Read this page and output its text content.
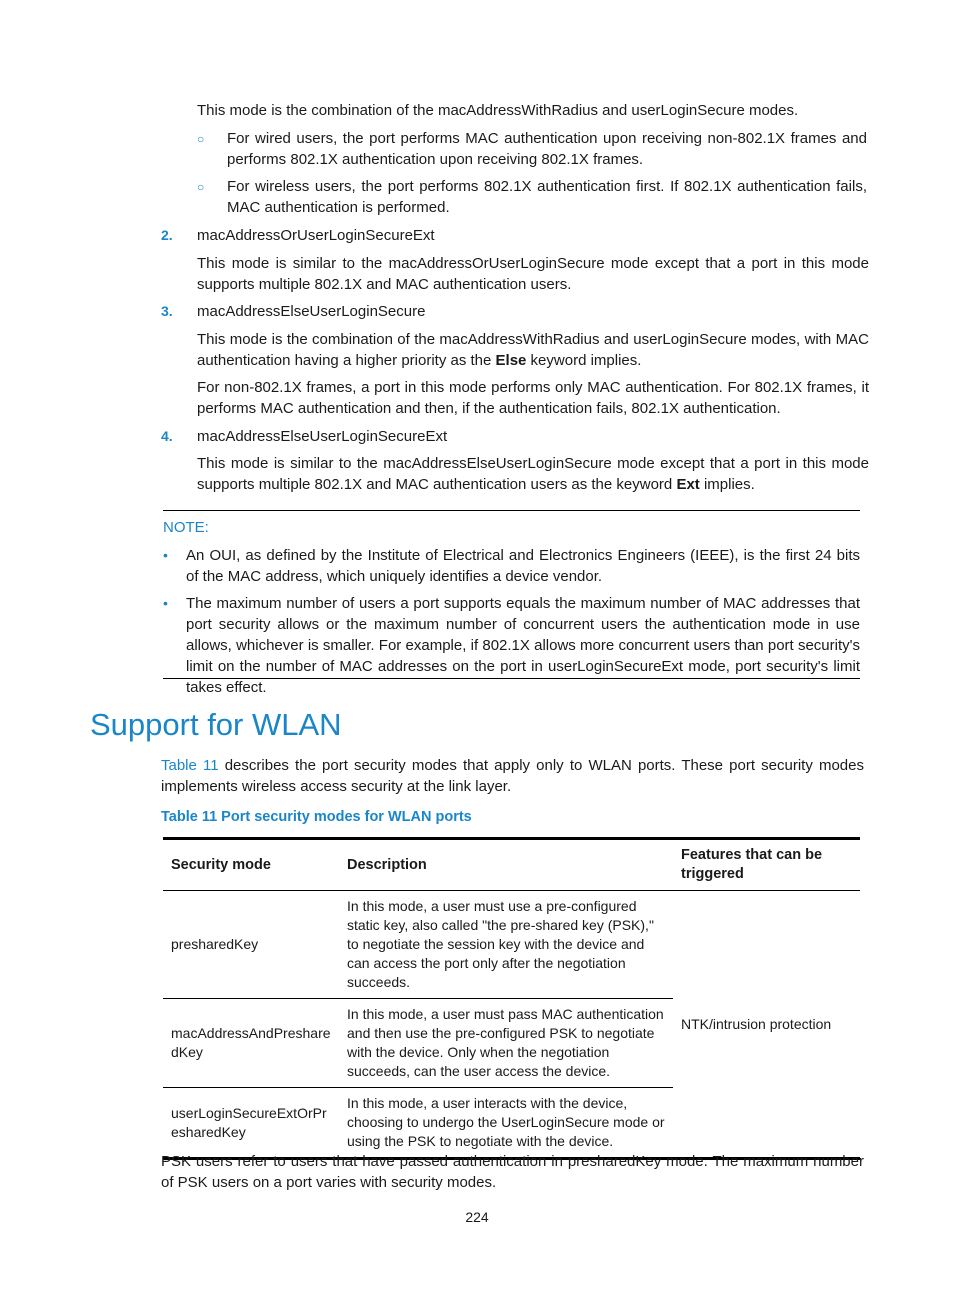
This mode is the combination of the macAddressWithRadius and userLoginSecure modes.
○ For wired users, the port performs MAC authentication upon receiving non-802.1X frames and performs 802.1X authentication upon receiving 802.1X frames.
○ For wireless users, the port performs 802.1X authentication first. If 802.1X authentication fails, MAC authentication is performed.
2. macAddressOrUserLoginSecureExt
This mode is similar to the macAddressOrUserLoginSecure mode except that a port in this mode supports multiple 802.1X and MAC authentication users.
3. macAddressElseUserLoginSecure
This mode is the combination of the macAddressWithRadius and userLoginSecure modes, with MAC authentication having a higher priority as the Else keyword implies.
For non-802.1X frames, a port in this mode performs only MAC authentication. For 802.1X frames, it performs MAC authentication and then, if the authentication fails, 802.1X authentication.
4. macAddressElseUserLoginSecureExt
This mode is similar to the macAddressElseUserLoginSecure mode except that a port in this mode supports multiple 802.1X and MAC authentication users as the keyword Ext implies.
NOTE:
• An OUI, as defined by the Institute of Electrical and Electronics Engineers (IEEE), is the first 24 bits of the MAC address, which uniquely identifies a device vendor.
• The maximum number of users a port supports equals the maximum number of MAC addresses that port security allows or the maximum number of concurrent users the authentication mode in use allows, whichever is smaller. For example, if 802.1X allows more concurrent users than port security's limit on the number of MAC addresses on the port in userLoginSecureExt mode, port security's limit takes effect.
Support for WLAN
Table 11 describes the port security modes that apply only to WLAN ports. These port security modes implements wireless access security at the link layer.
Table 11 Port security modes for WLAN ports
Security mode	Description	Features that can be triggered
presharedKey	In this mode, a user must use a pre-configured static key, also called "the pre-shared key (PSK)," to negotiate the session key with the device and can access the port only after the negotiation succeeds.	NTK/intrusion protection
macAddressAndPresharedKey	In this mode, a user must pass MAC authentication and then use the pre-configured PSK to negotiate with the device. Only when the negotiation succeeds, can the user access the device.	
userLoginSecureExtOrPresharedKey	In this mode, a user interacts with the device, choosing to undergo the UserLoginSecure mode or using the PSK to negotiate with the device.	
PSK users refer to users that have passed authentication in presharedKey mode. The maximum number of PSK users on a port varies with security modes.
224
